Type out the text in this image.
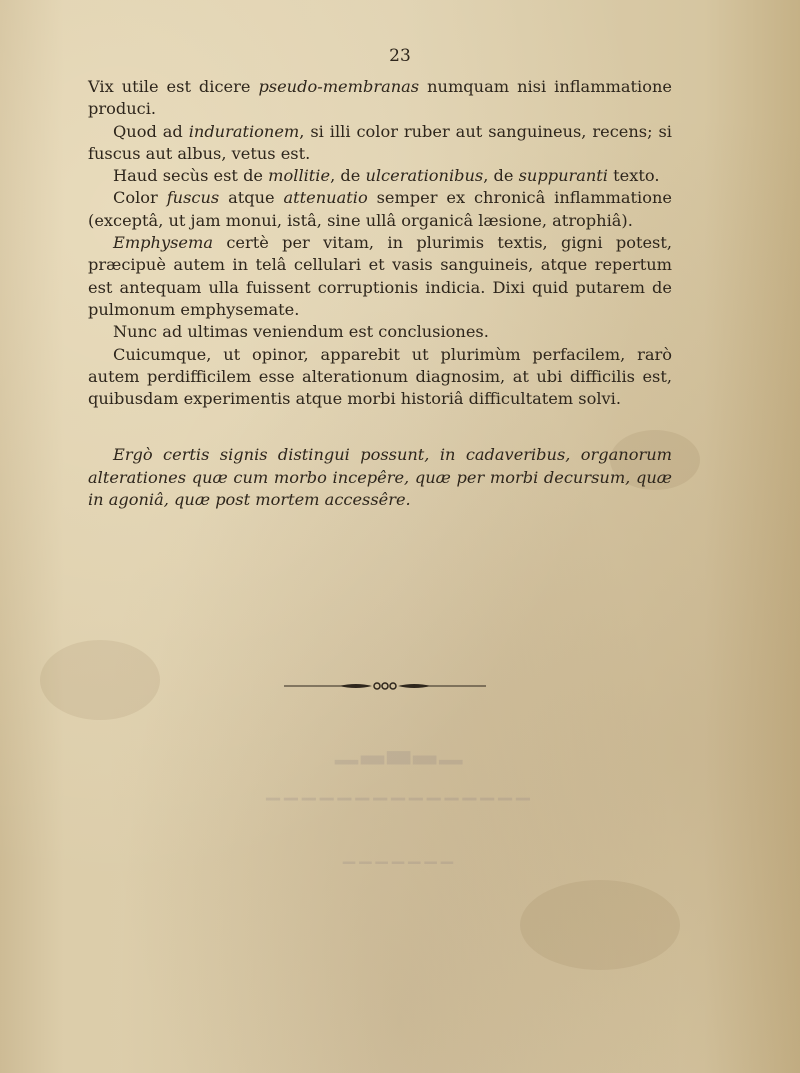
▁▂▃▂▁
▁▁▁▁▁▁▁▁▁▁▁▁▁▁▁
▁▁▁▁▁▁▁
23

Vix utile est dicere pseudo-membranas numquam nisi inflammatione produci.

Quod ad indurationem, si illi color ruber aut sanguineus, recens; si fuscus aut albus, vetus est.

Haud secùs est de mollitie, de ulcerationibus, de suppuranti texto.

Color fuscus atque attenuatio semper ex chronicâ inflammatione (exceptâ, ut jam monui, istâ, sine ullâ organicâ læsione, atrophiâ).

Emphysema certè per vitam, in plurimis textis, gigni potest, præcipuè autem in telâ cellulari et vasis sanguineis, atque repertum est antequam ulla fuissent corruptionis indicia. Dixi quid putarem de pulmonum emphysemate.

Nunc ad ultimas veniendum est conclusiones.

Cuicumque, ut opinor, apparebit ut plurimùm perfacilem, rarò autem perdifficilem esse alterationum diagnosim, at ubi difficilis est, quibusdam experimentis atque morbi historiâ difficultatem solvi.

Ergò certis signis distingui possunt, in cadaveribus, organorum alterationes quæ cum morbo incepêre, quæ per morbi decursum, quæ in agoniâ, quæ post mortem accessêre.
